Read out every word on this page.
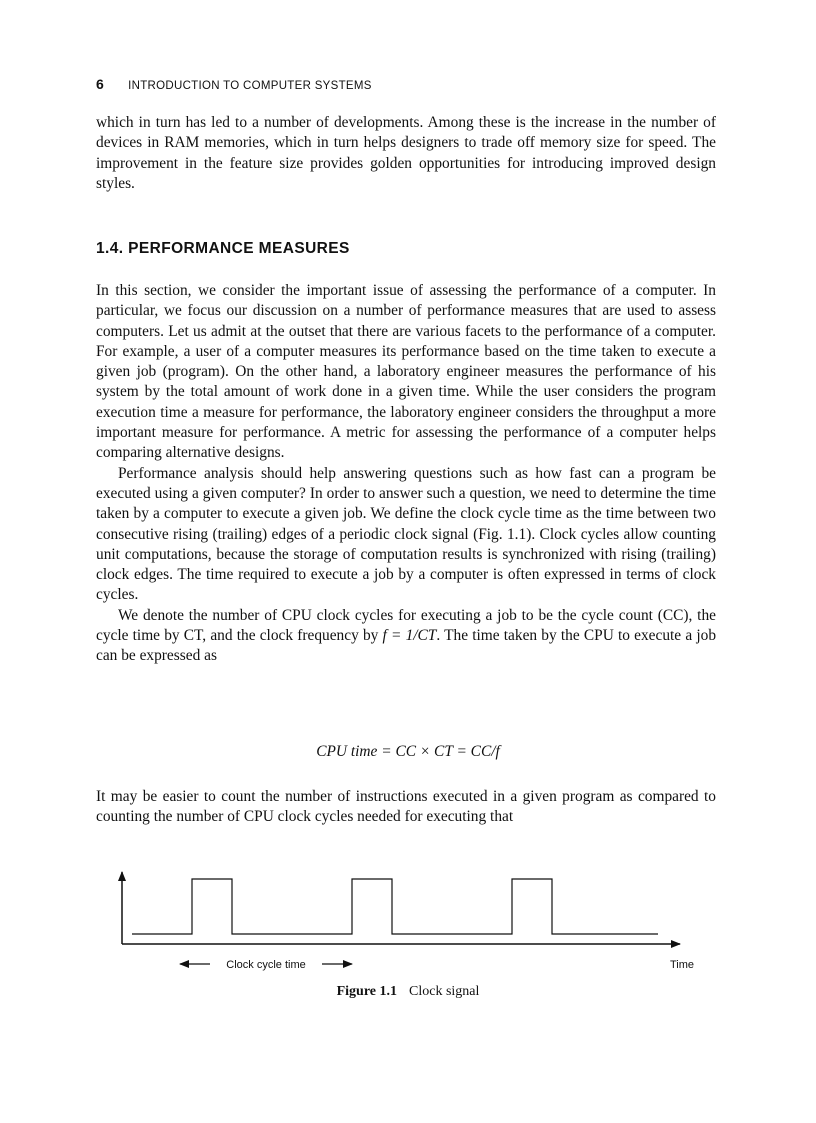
6 INTRODUCTION TO COMPUTER SYSTEMS

which in turn has led to a number of developments. Among these is the increase in the number of devices in RAM memories, which in turn helps designers to trade off memory size for speed. The improvement in the feature size provides golden opportunities for introducing improved design styles.

1.4. PERFORMANCE MEASURES

In this section, we consider the important issue of assessing the performance of a computer. In particular, we focus our discussion on a number of performance measures that are used to assess computers. Let us admit at the outset that there are various facets to the performance of a computer. For example, a user of a computer measures its performance based on the time taken to execute a given job (program). On the other hand, a laboratory engineer measures the performance of his system by the total amount of work done in a given time. While the user considers the program execution time a measure for performance, the laboratory engineer considers the throughput a more important measure for performance. A metric for assessing the performance of a computer helps comparing alternative designs.

Performance analysis should help answering questions such as how fast can a program be executed using a given computer? In order to answer such a question, we need to determine the time taken by a computer to execute a given job. We define the clock cycle time as the time between two consecutive rising (trailing) edges of a periodic clock signal (Fig. 1.1). Clock cycles allow counting unit computations, because the storage of computation results is synchronized with rising (trailing) clock edges. The time required to execute a job by a computer is often expressed in terms of clock cycles.

We denote the number of CPU clock cycles for executing a job to be the cycle count (CC), the cycle time by CT, and the clock frequency by f = 1/CT. The time taken by the CPU to execute a job can be expressed as

CPU time = CC × CT = CC/f

It may be easier to count the number of instructions executed in a given program as compared to counting the number of CPU clock cycles needed for executing that

Clock cycle time	Time
Figure 1.1 Clock signal
